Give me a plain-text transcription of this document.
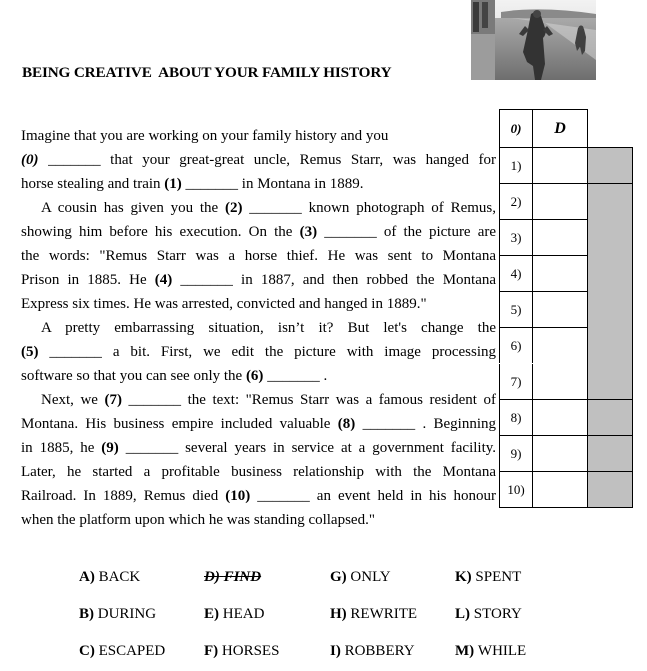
BEING CREATIVE  ABOUT YOUR FAMILY HISTORY
Imagine that you are working on your family history and you
(0) _______ that your great-great uncle, Remus Starr, was hanged for
horse stealing and train (1) _______ in Montana in 1889.
A cousin has given you the (2) _______ known photograph of Remus,
showing him before his execution. On the (3) _______ of the picture are
the words: "Remus Starr was a horse thief. He was sent to Montana
Prison in 1885. He (4) _______ in 1887, and then robbed the Montana
Express six times. He was arrested, convicted and hanged in 1889."
A pretty embarrassing situation, isn’t it? But let's change the
(5) _______ a bit. First, we edit the picture with image processing
software so that you can see only the (6) _______ .
Next, we (7) _______ the text: "Remus Starr was a famous resident of
Montana. His business empire included valuable (8) _______ . Beginning
in 1885, he (9) _______ several years in service at a government facility.
Later, he started a profitable business relationship with the Montana
Railroad. In 1889, Remus died (10) _______ an event held in his honour
when the platform upon which he was standing collapsed."
0)	D	
1)		
2)		
3)		
4)		
5)		
6)		
7)		
8)		
9)		
10)		
A) BACK
B) DURING
C) ESCAPED
D) FIND
E) HEAD
F) HORSES
G) ONLY
H) REWRITE
I) ROBBERY
K) SPENT
L) STORY
M) WHILE
